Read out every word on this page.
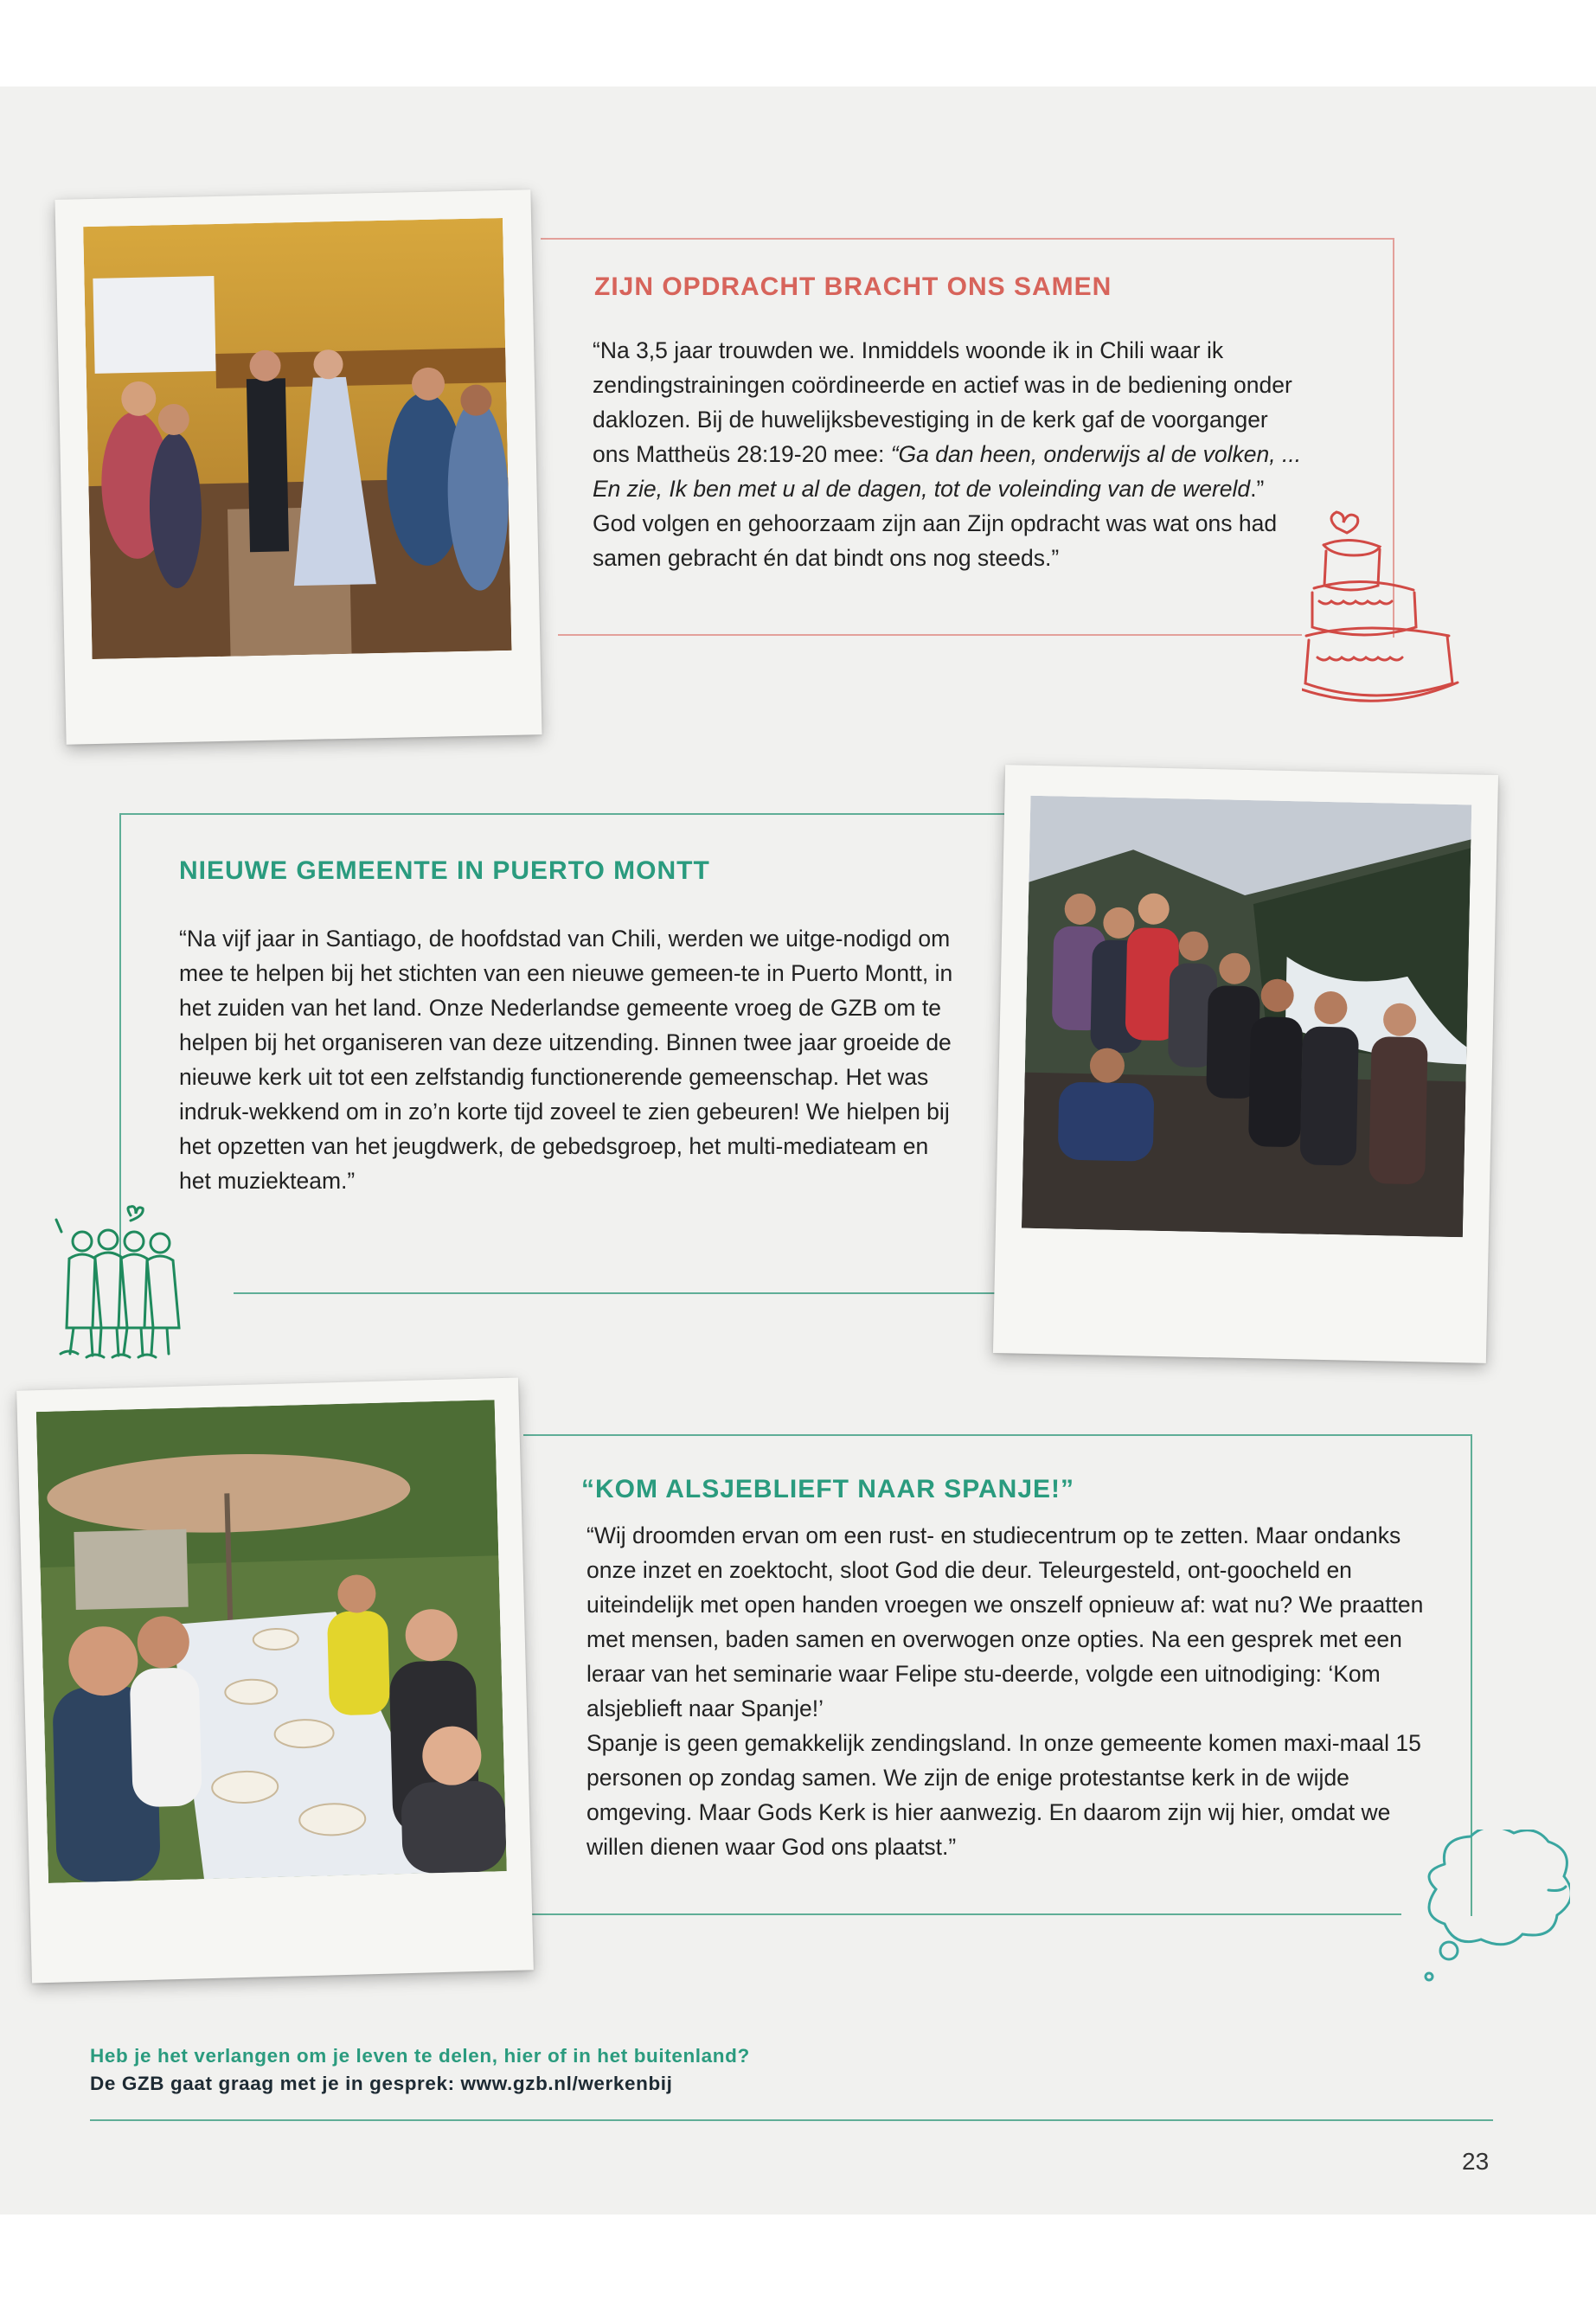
ZIJN OPDRACHT BRACHT ONS SAMEN

“Na 3,5 jaar trouwden we. Inmiddels woonde ik in Chili waar ik zendingstrainingen coördineerde en actief was in de bediening onder daklozen. Bij de huwelijksbevestiging in de kerk gaf de voorganger ons Mattheüs 28:19-20 mee: “Ga dan heen, onderwijs al de volken, ... En zie, Ik ben met u al de dagen, tot de voleinding van de wereld.” God volgen en gehoorzaam zijn aan Zijn opdracht was wat ons had samen gebracht én dat bindt ons nog steeds.”

NIEUWE GEMEENTE IN PUERTO MONTT

“Na vijf jaar in Santiago, de hoofdstad van Chili, werden we uitge-nodigd om mee te helpen bij het stichten van een nieuwe gemeen-te in Puerto Montt, in het zuiden van het land. Onze Nederlandse gemeente vroeg de GZB om te helpen bij het organiseren van deze uitzending. Binnen twee jaar groeide de nieuwe kerk uit tot een zelfstandig functionerende gemeenschap. Het was indruk-wekkend om in zo’n korte tijd zoveel te zien gebeuren! We hielpen bij het opzetten van het jeugdwerk, de gebedsgroep, het multi-mediateam en het muziekteam.”

“KOM ALSJEBLIEFT NAAR SPANJE!”

“Wij droomden ervan om een rust- en studiecentrum op te zetten. Maar ondanks onze inzet en zoektocht, sloot God die deur. Teleurgesteld, ont-goocheld en uiteindelijk met open handen vroegen we onszelf opnieuw af: wat nu? We praatten met mensen, baden samen en overwogen onze opties. Na een gesprek met een leraar van het seminarie waar Felipe stu-deerde, volgde een uitnodiging: ‘Kom alsjeblieft naar Spanje!’

Spanje is geen gemakkelijk zendingsland. In onze gemeente komen maxi-maal 15 personen op zondag samen. We zijn de enige protestantse kerk in de wijde omgeving. Maar Gods Kerk is hier aanwezig. En daarom zijn wij hier, omdat we willen dienen waar God ons plaatst.”

Heb je het verlangen om je leven te delen, hier of in het buitenland?
De GZB gaat graag met je in gesprek: www.gzb.nl/werkenbij
23
